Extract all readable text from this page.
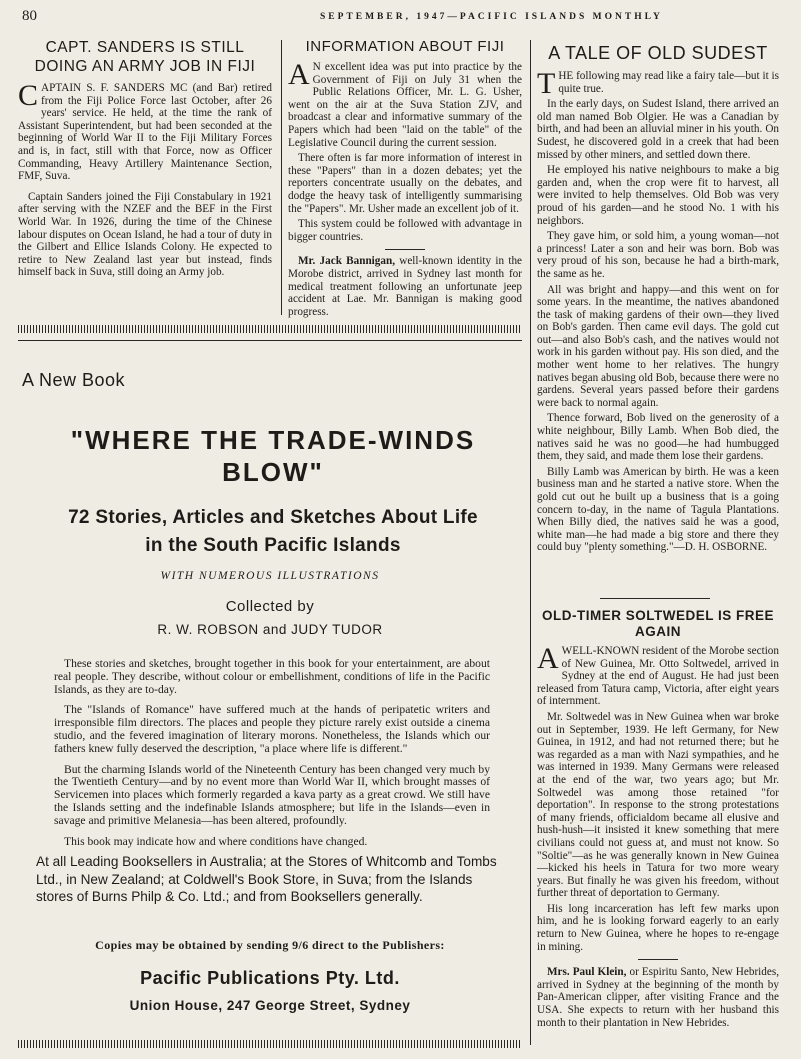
80	SEPTEMBER, 1947—PACIFIC ISLANDS MONTHLY
CAPT. SANDERS IS STILL DOING AN ARMY JOB IN FIJI

CAPTAIN S. F. SANDERS MC (and Bar) retired from the Fiji Police Force last October, after 26 years' service. He held, at the time the rank of Assistant Superintendent, but had been seconded at the beginning of World War II to the Fiji Military Forces and is, in fact, still with that Force, now as Officer Commanding, Heavy Artillery Maintenance Section, FMF, Suva.

Captain Sanders joined the Fiji Constabulary in 1921 after serving with the NZEF and the BEF in the First World War. In 1926, during the time of the Chinese labour disputes on Ocean Island, he had a tour of duty in the Gilbert and Ellice Islands Colony. He expected to retire to New Zealand last year but instead, finds himself back in Suva, still doing an Army job.

INFORMATION ABOUT FIJI

A N excellent idea was put into practice by the Government of Fiji on July 31 when the Public Relations Officer, Mr. L. G. Usher, went on the air at the Suva Station ZJV, and broadcast a clear and informative summary of the Papers which had been "laid on the table" of the Legislative Council during the current session.

There often is far more information of interest in these "Papers" than in a dozen debates; yet the reporters concentrate usually on the debates, and dodge the heavy task of intelligently summarising the "Papers". Mr. Usher made an excellent job of it.

This system could be followed with advantage in bigger countries.

Mr. Jack Bannigan, well-known identity in the Morobe district, arrived in Sydney last month for medical treatment following an unfortunate jeep accident at Lae. Mr. Bannigan is making good progress.

A New Book
"WHERE THE TRADE-WINDS BLOW"
72 Stories, Articles and Sketches About Life in the South Pacific Islands
WITH NUMEROUS ILLUSTRATIONS
Collected by
R. W. ROBSON and JUDY TUDOR

These stories and sketches, brought together in this book for your entertainment, are about real people. They describe, without colour or embellishment, conditions of life in the Pacific Islands, as they are to-day.

The "Islands of Romance" have suffered much at the hands of peripatetic writers and irresponsible film directors. The places and people they picture rarely exist outside a cinema studio, and the fevered imagination of literary morons. Nonetheless, the Islands which our fathers knew fully deserved the description, "a place where life is different."

But the charming Islands world of the Nineteenth Century has been changed very much by the Twentieth Century—and by no event more than World War II, which brought masses of Servicemen into places which formerly regarded a kava party as a great crowd. We still have the Islands setting and the indefinable Islands atmosphere; but life in the Islands—even in savage and primitive Melanesia—has been altered, profoundly.

This book may indicate how and where conditions have changed.

At all Leading Booksellers in Australia; at the Stores of Whitcomb and Tombs Ltd., in New Zealand; at Coldwell's Book Store, in Suva; from the Islands stores of Burns Philp & Co. Ltd.; and from Booksellers generally.
Copies may be obtained by sending 9/6 direct to the Publishers:
Pacific Publications Pty. Ltd.
Union House, 247 George Street, Sydney
A TALE OF OLD SUDEST

THE following may read like a fairy tale—but it is quite true.

In the early days, on Sudest Island, there arrived an old man named Bob Olgier. He was a Canadian by birth, and had been an alluvial miner in his youth. On Sudest, he discovered gold in a creek that had been missed by other miners, and settled down there.

He employed his native neighbours to make a big garden and, when the crop were fit to harvest, all were invited to help themselves. Old Bob was very proud of his garden—and he stood No. 1 with his neighbors.

They gave him, or sold him, a young woman—not a princess! Later a son and heir was born. Bob was very proud of his son, because he had a birth-mark, the same as he.

All was bright and happy—and this went on for some years. In the meantime, the natives abandoned the task of making gardens of their own—they lived on Bob's garden. Then came evil days. The gold cut out—and also Bob's cash, and the natives would not work in his garden without pay. His son died, and the mother went home to her relatives. The hungry natives began abusing old Bob, because there were no gardens. Several years passed before their gardens were back to normal again.

Thence forward, Bob lived on the generosity of a white neighbour, Billy Lamb. When Bob died, the natives said he was no good—he had humbugged them, they said, and made them lose their gardens.

Billy Lamb was American by birth. He was a keen business man and he started a native store. When the gold cut out he built up a business that is a going concern to-day, in the name of Tagula Plantations. When Billy died, the natives said he was a good, white man—he had made a big store and there they could buy "plenty something."—D. H. OSBORNE.

OLD-TIMER SOLTWEDEL IS FREE AGAIN

AWELL-KNOWN resident of the Morobe section of New Guinea, Mr. Otto Soltwedel, arrived in Sydney at the end of August. He had just been released from Tatura camp, Victoria, after eight years of internment.

Mr. Soltwedel was in New Guinea when war broke out in September, 1939. He left Germany, for New Guinea, in 1912, and had not returned there; but he was regarded as a man with Nazi sympathies, and he was interned in 1939. Many Germans were released at the end of the war, two years ago; but Mr. Soltwedel was among those retained "for deportation". In response to the strong protestations of many friends, officialdom became all elusive and hush-hush—it insisted it knew something that mere civilians could not guess at, and must not know. So "Soltie"—as he was generally known in New Guinea—kicked his heels in Tatura for two more weary years. But finally he was given his freedom, without further threat of deportation to Germany.

His long incarceration has left few marks upon him, and he is looking forward eagerly to an early return to New Guinea, where he hopes to re-engage in mining.

Mrs. Paul Klein, or Espiritu Santo, New Hebrides, arrived in Sydney at the beginning of the month by Pan-American clipper, after visiting France and the USA. She expects to return with her husband this month to their plantation in New Hebrides.
